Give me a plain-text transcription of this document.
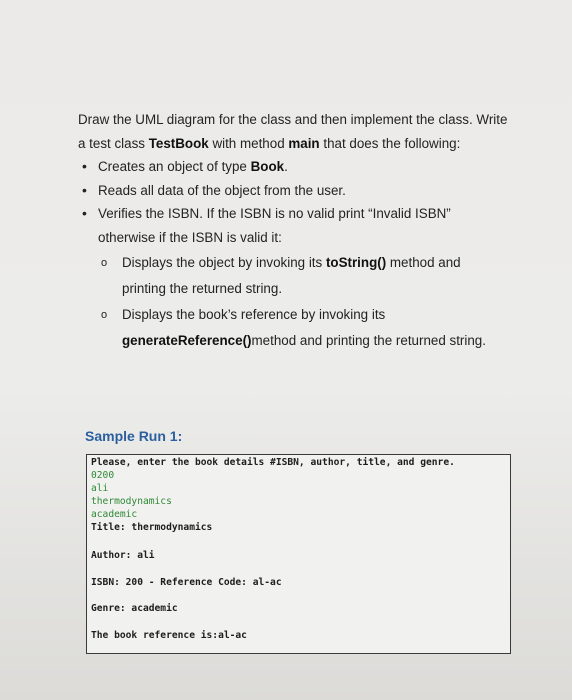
Draw the UML diagram for the class and then implement the class. Write

a test class TestBook with method main that does the following:

• Creates an object of type Book.
• Reads all data of the object from the user.
• Verifies the ISBN. If the ISBN is no valid print “Invalid ISBN”
otherwise if the ISBN is valid it:
o Displays the object by invoking its toString() method and
printing the returned string.
o Displays the book’s reference by invoking its
generateReference()method and printing the returned string.
Sample Run 1:
Please, enter the book details #ISBN, author, title, and genre.
0200
ali
thermodynamics
academic
Title: thermodynamics
Author: ali
ISBN: 200 - Reference Code: al-ac
Genre: academic
The book reference is:al-ac
